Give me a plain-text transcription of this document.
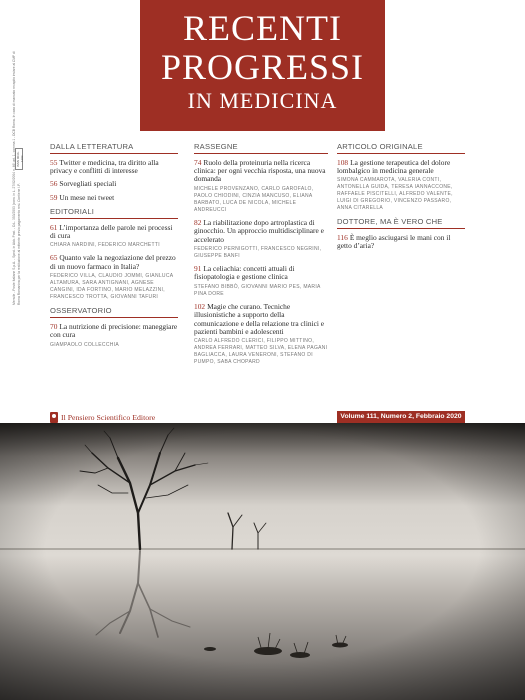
RECENTI
PROGRESSI
IN MEDICINA
Mensile - Poste Italiane S.p.A. - Sped. in Abb. Post. - D.L. 353/2003 (conv. in L. 27/02/2004 n. 46) art. 1, comma 1 - DCB Roma. In caso di mancato recapito inviare al CMP di Roma Romanina per la restituzione al mittente previo pagamento resi. Contiene I.P.
ISSN 0034-1193
DALLA LETTERATURA
55 Twitter e medicina, tra diritto alla privacy e conflitti di interesse
56 Sorvegliati speciali
59 Un mese nei tweet
EDITORIALI
61 L’importanza delle parole nei processi di cura
CHIARA NARDINI, FEDERICO MARCHETTI
65 Quanto vale la negoziazione del prezzo di un nuovo farmaco in Italia?
FEDERICO VILLA, CLAUDIO JOMMI, GIANLUCA ALTAMURA, SARA ANTIGNANI, AGNESE CANGINI, IDA FORTINO, MARIO MELAZZINI, FRANCESCO TROTTA, GIOVANNI TAFURI
OSSERVATORIO
70 La nutrizione di precisione: maneggiare con cura
GIAMPAOLO COLLECCHIA
RASSEGNE
74 Ruolo della proteinuria nella ricerca clinica: per ogni vecchia risposta, una nuova domanda
MICHELE PROVENZANO, CARLO GAROFALO, PAOLO CHIODINI, CINZIA MANCUSO, ELIANA BARBATO, LUCA DE NICOLA, MICHELE ANDREUCCI
82 La riabilitazione dopo artroplastica di ginocchio. Un approccio multidisciplinare e accelerato
FEDERICO PERNIGOTTI, FRANCESCO NEGRINI, GIUSEPPE BANFI
91 La celiachia: concetti attuali di fisiopatologia e gestione clinica
STEFANO BIBBÒ, GIOVANNI MARIO PES, MARIA PINA DORE
102 Magie che curano. Tecniche illusionistiche a supporto della comunicazione e della relazione tra clinici e pazienti bambini e adolescenti
CARLO ALFREDO CLERICI, FILIPPO MITTINO, ANDREA FERRARI, MATTEO SILVA, ELENA PAGANI BAGLIACCA, LAURA VENERONI, STEFANO DI PUMPO, SABA CHOPARD
ARTICOLO ORIGINALE
108 La gestione terapeutica del dolore lombalgico in medicina generale
SIMONA CAMMAROTA, VALERIA CONTI, ANTONELLA GUIDA, TERESA IANNACCONE, RAFFAELE PISCITELLI, ALFREDO VALENTE, LUIGI DI GREGORIO, VINCENZO PASSARO, ANNA CITARELLA
DOTTORE, MA È VERO CHE
116 È meglio asciugarsi le mani con il getto d’aria?
Il Pensiero Scientifico Editore	Volume 111, Numero 2, Febbraio 2020
